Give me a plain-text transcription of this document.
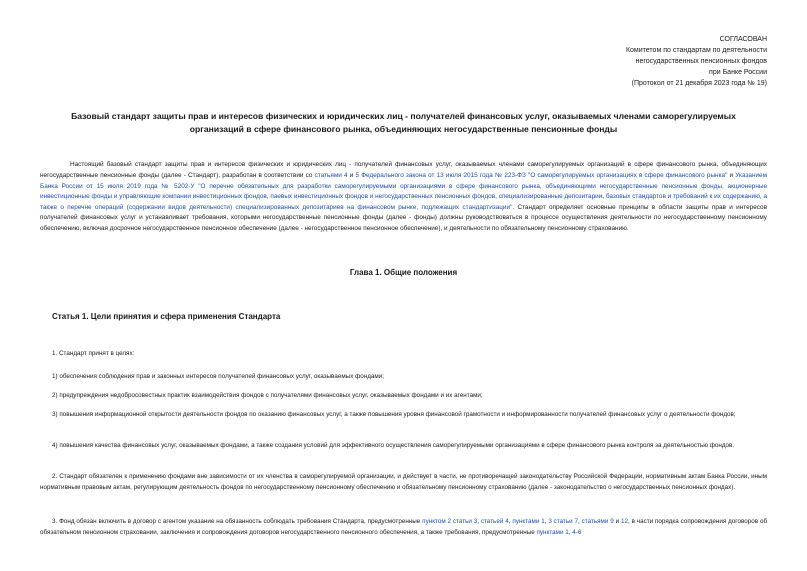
СОГЛАСОВАН
Комитетом по стандартам по деятельности
негосударственных пенсионных фондов
при Банке России
(Протокол от 21 декабря 2023 года № 19)
Базовый стандарт защиты прав и интересов физических и юридических лиц - получателей финансовых услуг, оказываемых членами саморегулируемых
организаций в сфере финансового рынка, объединяющих негосударственные пенсионные фонды

Настоящий базовый стандарт защиты прав и интересов физических и юридических лиц - получателей финансовых услуг, оказываемых членами саморегулируемых организаций в сфере финансового рынка, объединяющих негосударственные пенсионные фонды (далее - Стандарт), разработан в соответствии со статьями 4 и 5 Федерального закона от 13 июля 2015 года № 223-ФЗ "О саморегулируемых организациях в сфере финансового рынка" и Указанием Банка России от 15 июля 2019 года № 5202-У "О перечне обязательных для разработки саморегулируемыми организациями в сфере финансового рынка, объединяющими негосударственные пенсионные фонды, акционерные инвестиционные фонды и управляющие компании инвестиционных фондов, паевых инвестиционных фондов и негосударственных пенсионных фондов, специализированные депозитарии, базовых стандартов и требований к их содержанию, а также о перечне операций (содержании видов деятельности) специализированных депозитариев на финансовом рынке, подлежащих стандартизации". Стандарт определяет основные принципы в области защиты прав и интересов получателей финансовых услуг и устанавливает требования, которыми негосударственные пенсионные фонды (далее - фонды) должны руководствоваться в процессе осуществления деятельности по негосударственному пенсионному обеспечению, включая досрочное негосударственное пенсионное обеспечение (далее - негосударственное пенсионное обеспечение), и деятельности по обязательному пенсионному страхованию.

Глава 1. Общие положения
Статья 1. Цели принятия и сфера применения Стандарта

1. Стандарт принят в целях:

1) обеспечения соблюдения прав и законных интересов получателей финансовых услуг, оказываемых фондами;

2) предупреждения недобросовестных практик взаимодействия фондов с получателями финансовых услуг, оказываемых фондами и их агентами;

3) повышения информационной открытости деятельности фондов по оказанию финансовых услуг, а также повышения уровня финансовой грамотности и информированности получателей финансовых услуг о деятельности фондов;

4) повышения качества финансовых услуг, оказываемых фондами, а также создания условий для эффективного осуществления саморегулируемыми организациями в сфере финансового рынка контроля за деятельностью фондов.

2. Стандарт обязателен к применению фондами вне зависимости от их членства в саморегулируемой организации, и действует в части, не противоречащей законодательству Российской Федерации, нормативным актам Банка России, иным нормативным правовым актам, регулирующим деятельность фондов по негосударственному пенсионному обеспечению и обязательному пенсионному страхованию (далее - законодательство о негосударственных пенсионных фондах).

3. Фонд обязан включить в договор с агентом указание на обязанность соблюдать требования Стандарта, предусмотренные пунктом 2 статьи 3, статьей 4, пунктами 1, 3 статьи 7, статьями 9 и 12, в части порядка сопровождения договоров об обязательном пенсионном страховании, заключения и сопровождения договоров негосударственного пенсионного обеспечения, а также требования, предусмотренные пунктами 1, 4-6
